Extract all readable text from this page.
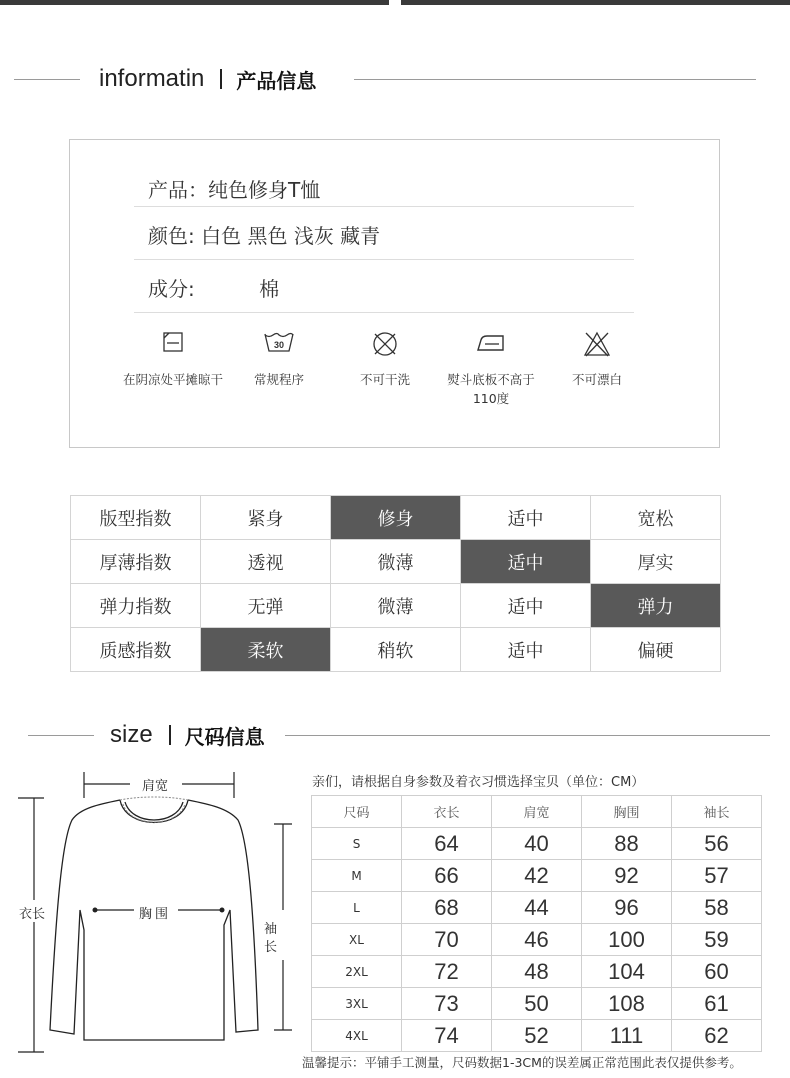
informatin 产品信息
产品：纯色修身T恤
颜色: 白色 黑色 浅灰 藏青
成分:	棉
在阴凉处平摊晾干
30
常规程序	不可干洗	熨斗底板不高于110度
不可漂白
版型指数	紧身	修身	适中	宽松
厚薄指数	透视	微薄	适中	厚实
弹力指数	无弹	微薄	适中	弹力
质感指数	柔软	稍软	适中	偏硬
size 尺码信息
肩宽
衣长	胸围
袖
长
亲们，请根据自身参数及着衣习惯选择宝贝（单位：CM）
尺码	衣长	肩宽	胸围	袖长
S	64	40	88	56
M	66	42	92	57
L	68	44	96	58
XL	70	46	100	59
2XL	72	48	104	60
3XL	73	50	108	61
4XL	74	52	111	62
温馨提示：平铺手工测量，尺码数据1-3CM的误差属正常范围此表仅提供参考。
